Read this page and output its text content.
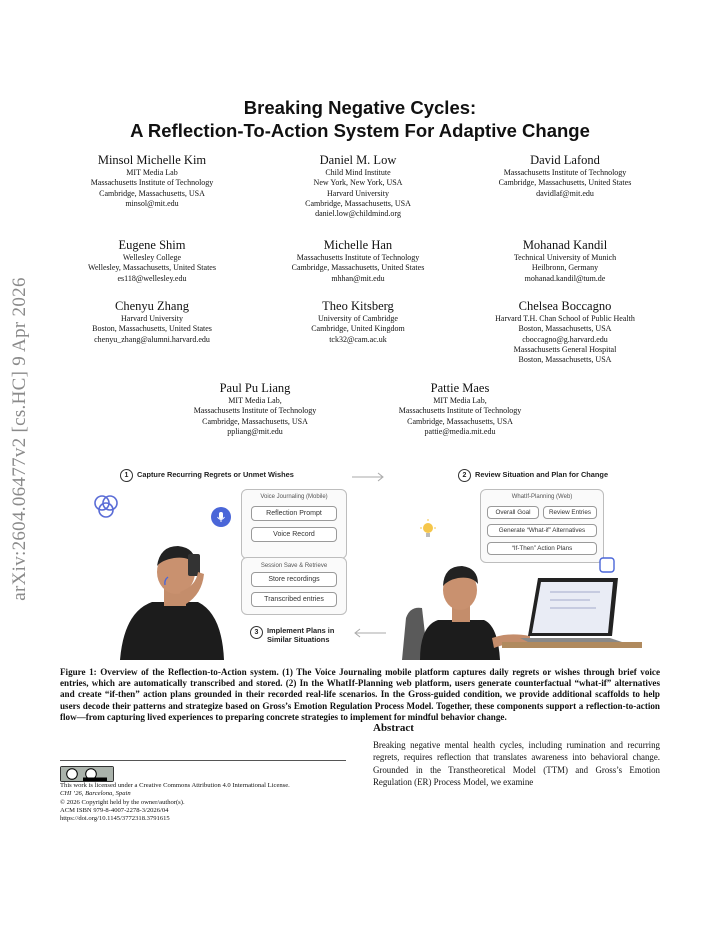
arXiv:2604.06477v2 [cs.HC] 9 Apr 2026
Breaking Negative Cycles:
A Reflection-To-Action System For Adaptive Change
Minsol Michelle Kim
MIT Media Lab
Massachusetts Institute of Technology
Cambridge, Massachusetts, USA
minsol@mit.edu
Daniel M. Low
Child Mind Institute
New York, New York, USA
Harvard University
Cambridge, Massachusetts, USA
daniel.low@childmind.org
David Lafond
Massachusetts Institute of Technology
Cambridge, Massachusetts, United States
davidlaf@mit.edu
Eugene Shim
Wellesley College
Wellesley, Massachusetts, United States
es118@wellesley.edu
Michelle Han
Massachusetts Institute of Technology
Cambridge, Massachusetts, United States
mhhan@mit.edu
Mohanad Kandil
Technical University of Munich
Heilbronn, Germany
mohanad.kandil@tum.de
Chenyu Zhang
Harvard University
Boston, Massachusetts, United States
chenyu_zhang@alumni.harvard.edu
Theo Kitsberg
University of Cambridge
Cambridge, United Kingdom
tck32@cam.ac.uk
Chelsea Boccagno
Harvard T.H. Chan School of Public Health
Boston, Massachusetts, USA
cboccagno@g.harvard.edu
Massachusetts General Hospital
Boston, Massachusetts, USA
Paul Pu Liang
MIT Media Lab,
Massachusetts Institute of Technology
Cambridge, Massachusetts, USA
ppliang@mit.edu
Pattie Maes
MIT Media Lab,
Massachusetts Institute of Technology
Cambridge, Massachusetts, USA
pattie@media.mit.edu
1 Capture Recurring Regrets or Unmet Wishes	2 Review Situation and Plan for Change
Voice Journaling (Mobile)
Reflection Prompt
Voice Record
Session Save & Retrieve
Store recordings
Transcribed entries
3 Implement Plans in
Similar Situations
WhatIf-Planning (Web)
Overall Goal	Review Entries
Generate “What-if” Alternatives
“If-Then” Action Plans
Figure 1: Overview of the Reflection-to-Action system. (1) The Voice Journaling mobile platform captures daily regrets or wishes through brief voice entries, which are automatically transcribed and stored. (2) In the WhatIf-Planning web platform, users generate counterfactual “what-if” alternatives and create “if-then” action plans grounded in their recorded real-life scenarios. In the Gross-guided condition, we provide additional scaffolds to help users decode their patterns and strategize based on Gross’s Emotion Regulation Process Model. Together, these components support a reflection-to-action flow—from capturing lived experiences to preparing concrete strategies to implement for mindful behavior change.
This work is licensed under a Creative Commons Attribution 4.0 International License.
CHI ’26, Barcelona, Spain
© 2026 Copyright held by the owner/author(s).
ACM ISBN 979-8-4007-2278-3/2026/04
https://doi.org/10.1145/3772318.3791615
Abstract
Breaking negative mental health cycles, including rumination and recurring regrets, requires reflection that translates awareness into behavioral change. Grounded in the Transtheoretical Model (TTM) and Gross’s Emotion Regulation (ER) Process Model, we examine
